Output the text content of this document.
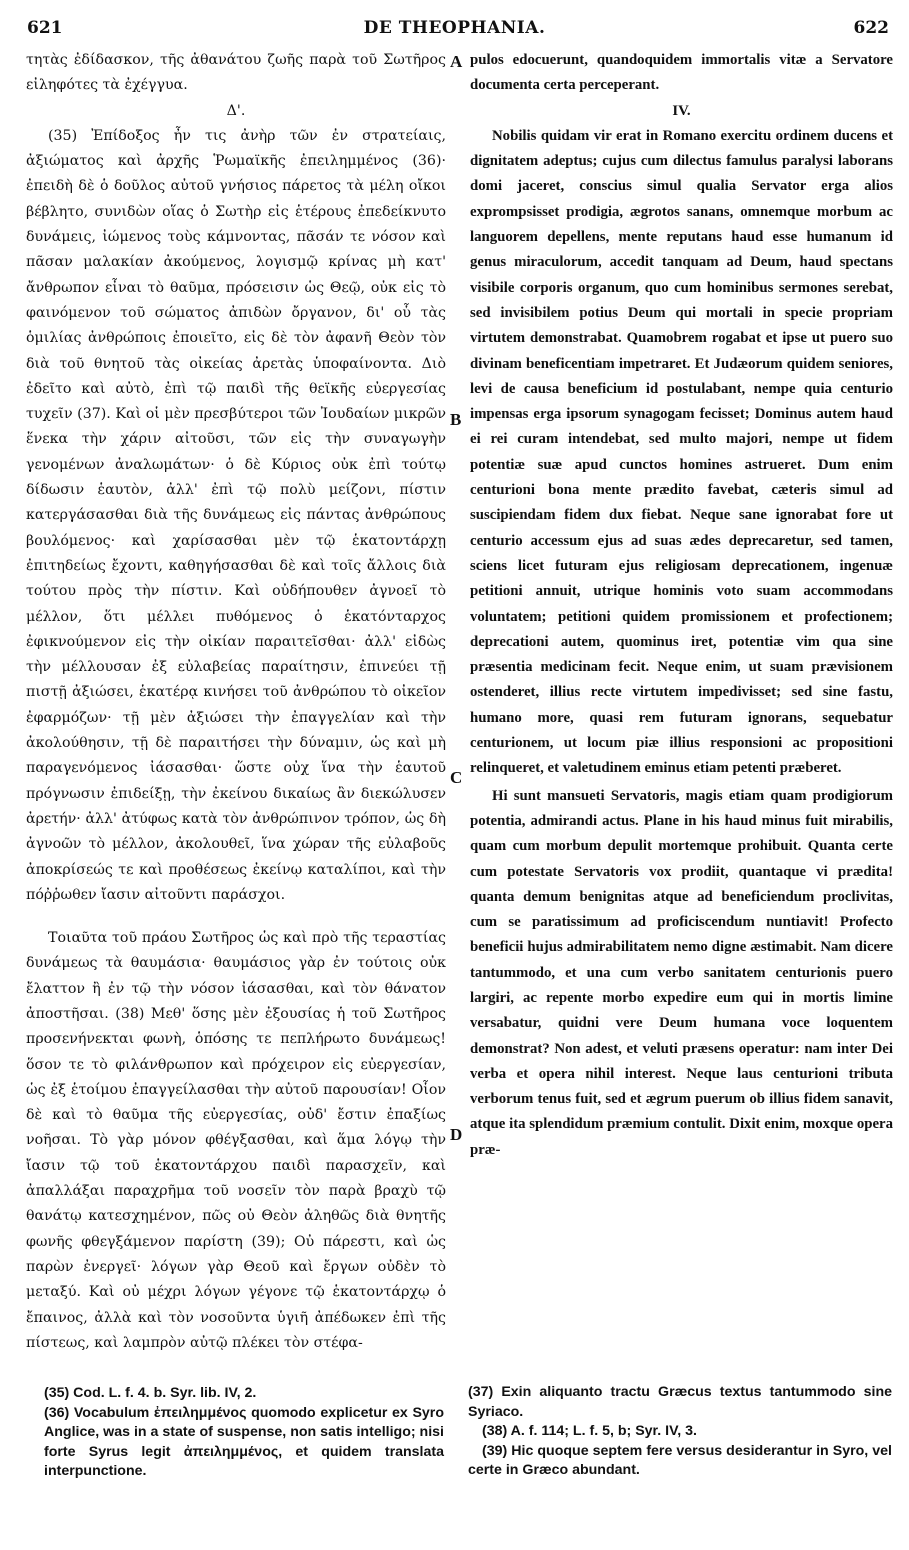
621	DE THEOPHANIA.	622

τητὰς ἐδίδασκον, τῆς ἀθανάτου ζωῆς παρὰ τοῦ Σωτῆρος εἰληφότες τὰ ἐχέγγυα.

Δ'.

(35) Ἐπίδοξος ἦν τις ἀνὴρ τῶν ἐν στρατείαις, ἀξιώματος καὶ ἀρχῆς Ῥωμαϊκῆς ἐπειλημμένος (36)· ἐπειδὴ δὲ ὁ δοῦλος αὐτοῦ γνήσιος πάρετος τὰ μέλη οἴκοι βέβλητο, συνιδὼν οἵας ὁ Σωτὴρ εἰς ἑτέρους ἐπεδείκνυτο δυνάμεις, ἰώμενος τοὺς κάμνοντας, πᾶσάν τε νόσον καὶ πᾶσαν μαλακίαν ἀκούμενος, λογισμῷ κρίνας μὴ κατ' ἄνθρωπον εἶναι τὸ θαῦμα, πρόσεισιν ὡς Θεῷ, οὐκ εἰς τὸ φαινόμενον τοῦ σώματος ἀπιδὼν ὄργανον, δι' οὗ τὰς ὁμιλίας ἀνθρώποις ἐποιεῖτο, εἰς δὲ τὸν ἀφανῆ Θεὸν τὸν διὰ τοῦ θνητοῦ τὰς οἰκείας ἀρετὰς ὑποφαίνοντα. Διὸ ἐδεῖτο καὶ αὐτὸ, ἐπὶ τῷ παιδὶ τῆς θεϊκῆς εὐεργεσίας τυχεῖν (37). Καὶ οἱ μὲν πρεσβύτεροι τῶν Ἰουδαίων μικρῶν ἕνεκα τὴν χάριν αἰτοῦσι, τῶν εἰς τὴν συναγωγὴν γενομένων ἀναλωμάτων· ὁ δὲ Κύριος οὐκ ἐπὶ τούτῳ δίδωσιν ἑαυτὸν, ἀλλ' ἐπὶ τῷ πολὺ μείζονι, πίστιν κατεργάσασθαι διὰ τῆς δυνάμεως εἰς πάντας ἀνθρώπους βουλόμενος· καὶ χαρίσασθαι μὲν τῷ ἑκατοντάρχῃ ἐπιτηδείως ἔχοντι, καθηγήσασθαι δὲ καὶ τοῖς ἄλλοις διὰ τούτου πρὸς τὴν πίστιν. Καὶ οὐδήπουθεν ἀγνοεῖ τὸ μέλλον, ὅτι μέλλει πυθόμενος ὁ ἑκατόνταρχος ἐφικνούμενον εἰς τὴν οἰκίαν παραιτεῖσθαι· ἀλλ' εἰδὼς τὴν μέλλουσαν ἐξ εὐλαβείας παραίτησιν, ἐπινεύει τῇ πιστῇ ἀξιώσει, ἑκατέρᾳ κινήσει τοῦ ἀνθρώπου τὸ οἰκεῖον ἐφαρμόζων· τῇ μὲν ἀξιώσει τὴν ἐπαγγελίαν καὶ τὴν ἀκολούθησιν, τῇ δὲ παραιτήσει τὴν δύναμιν, ὡς καὶ μὴ παραγενόμενος ἰάσασθαι· ὥστε οὐχ ἵνα τὴν ἑαυτοῦ πρόγνωσιν ἐπιδείξῃ, τὴν ἐκείνου δικαίως ἂν διεκώλυσεν ἀρετήν· ἀλλ' ἀτύφως κατὰ τὸν ἀνθρώπινον τρόπον, ὡς δὴ ἀγνοῶν τὸ μέλλον, ἀκολουθεῖ, ἵνα χώραν τῆς εὐλαβοῦς ἀποκρίσεώς τε καὶ προθέσεως ἐκείνῳ καταλίποι, καὶ τὴν πόῤῥωθεν ἴασιν αἰτοῦντι παράσχοι.

Τοιαῦτα τοῦ πράου Σωτῆρος ὡς καὶ πρὸ τῆς τεραστίας δυνάμεως τὰ θαυμάσια· θαυμάσιος γὰρ ἐν τούτοις οὐκ ἔλαττον ἢ ἐν τῷ τὴν νόσον ἰάσασθαι, καὶ τὸν θάνατον ἀποστῆσαι. (38) Μεθ' ὅσης μὲν ἐξουσίας ἡ τοῦ Σωτῆρος προσενήνεκται φωνὴ, ὁπόσης τε πεπλήρωτο δυνάμεως! ὅσον τε τὸ φιλάνθρωπον καὶ πρόχειρον εἰς εὐεργεσίαν, ὡς ἐξ ἑτοίμου ἐπαγγείλασθαι τὴν αὐτοῦ παρουσίαν! Οἷον δὲ καὶ τὸ θαῦμα τῆς εὐεργεσίας, οὐδ' ἔστιν ἐπαξίως νοῆσαι. Τὸ γὰρ μόνον φθέγξασθαι, καὶ ἅμα λόγῳ τὴν ἴασιν τῷ τοῦ ἑκατοντάρχου παιδὶ παρασχεῖν, καὶ ἀπαλλάξαι παραχρῆμα τοῦ νοσεῖν τὸν παρὰ βραχὺ τῷ θανάτῳ κατεσχημένον, πῶς οὐ Θεὸν ἀληθῶς διὰ θνητῆς φωνῆς φθεγξάμενον παρίστη (39); Οὐ πάρεστι, καὶ ὡς παρὼν ἐνεργεῖ· λόγων γὰρ Θεοῦ καὶ ἔργων οὐδὲν τὸ μεταξύ. Καὶ οὐ μέχρι λόγων γέγονε τῷ ἑκατοντάρχῳ ὁ ἔπαινος, ἀλλὰ καὶ τὸν νοσοῦντα ὑγιῆ ἀπέδωκεν ἐπὶ τῆς πίστεως, καὶ λαμπρὸν αὐτῷ πλέκει τὸν στέφα-

pulos edocuerunt, quandoquidem immortalis vitæ a Servatore documenta certa perceperant.

IV.

Nobilis quidam vir erat in Romano exercitu ordinem ducens et dignitatem adeptus; cujus cum dilectus famulus paralysi laborans domi jaceret, conscius simul qualia Servator erga alios exprompsisset prodigia, ægrotos sanans, omnemque morbum ac languorem depellens, mente reputans haud esse humanum id genus miraculorum, accedit tanquam ad Deum, haud spectans visibile corporis organum, quo cum hominibus sermones serebat, sed invisibilem potius Deum qui mortali in specie propriam virtutem demonstrabat. Quamobrem rogabat et ipse ut puero suo divinam beneficentiam impetraret. Et Judæorum quidem seniores, levi de causa beneficium id postulabant, nempe quia centurio impensas erga ipsorum synagogam fecisset; Dominus autem haud ei rei curam intendebat, sed multo majori, nempe ut fidem potentiæ suæ apud cunctos homines astrueret. Dum enim centurioni bona mente prædito favebat, cæteris simul ad suscipiendam fidem dux fiebat. Neque sane ignorabat fore ut centurio accessum ejus ad suas ædes deprecaretur, sed tamen, sciens licet futuram ejus religiosam deprecationem, ingenuæ petitioni annuit, utrique hominis voto suam accommodans voluntatem; petitioni quidem promissionem et profectionem; deprecationi autem, quominus iret, potentiæ vim qua sine præsentia medicinam fecit. Neque enim, ut suam prævisionem ostenderet, illius recte virtutem impedivisset; sed sine fastu, humano more, quasi rem futuram ignorans, sequebatur centurionem, ut locum piæ illius responsioni ac propositioni relinqueret, et valetudinem eminus etiam petenti præberet.

Hi sunt mansueti Servatoris, magis etiam quam prodigiorum potentia, admirandi actus. Plane in his haud minus fuit mirabilis, quam cum morbum depulit mortemque prohibuit. Quanta certe cum potestate Servatoris vox prodiit, quantaque vi prædita! quanta demum benignitas atque ad beneficiendum proclivitas, cum se paratissimum ad proficiscendum nuntiavit! Profecto beneficii hujus admirabilitatem nemo digne æstimabit. Nam dicere tantummodo, et una cum verbo sanitatem centurionis puero largiri, ac repente morbo expedire eum qui in mortis limine versabatur, quidni vere Deum humana voce loquentem demonstrat? Non adest, et veluti præsens operatur: nam inter Dei verba et opera nihil interest. Neque laus centurioni tributa verborum tenus fuit, sed et ægrum puerum ob illius fidem sanavit, atque ita splendidum præmium contulit. Dixit enim, moxque opera præ-

A
B
C
D

(35) Cod. L. f. 4. b. Syr. lib. IV, 2.

(36) Vocabulum ἐπειλημμένος quomodo explicetur ex Syro Anglice, was in a state of suspense, non satis intelligo; nisi forte Syrus legit ἀπειλημμένος, et quidem translata interpunctione.

(37) Exin aliquanto tractu Græcus textus tantummodo sine Syriaco.

(38) A. f. 114; L. f. 5, b; Syr. IV, 3.

(39) Hic quoque septem fere versus desiderantur in Syro, vel certe in Græco abundant.
